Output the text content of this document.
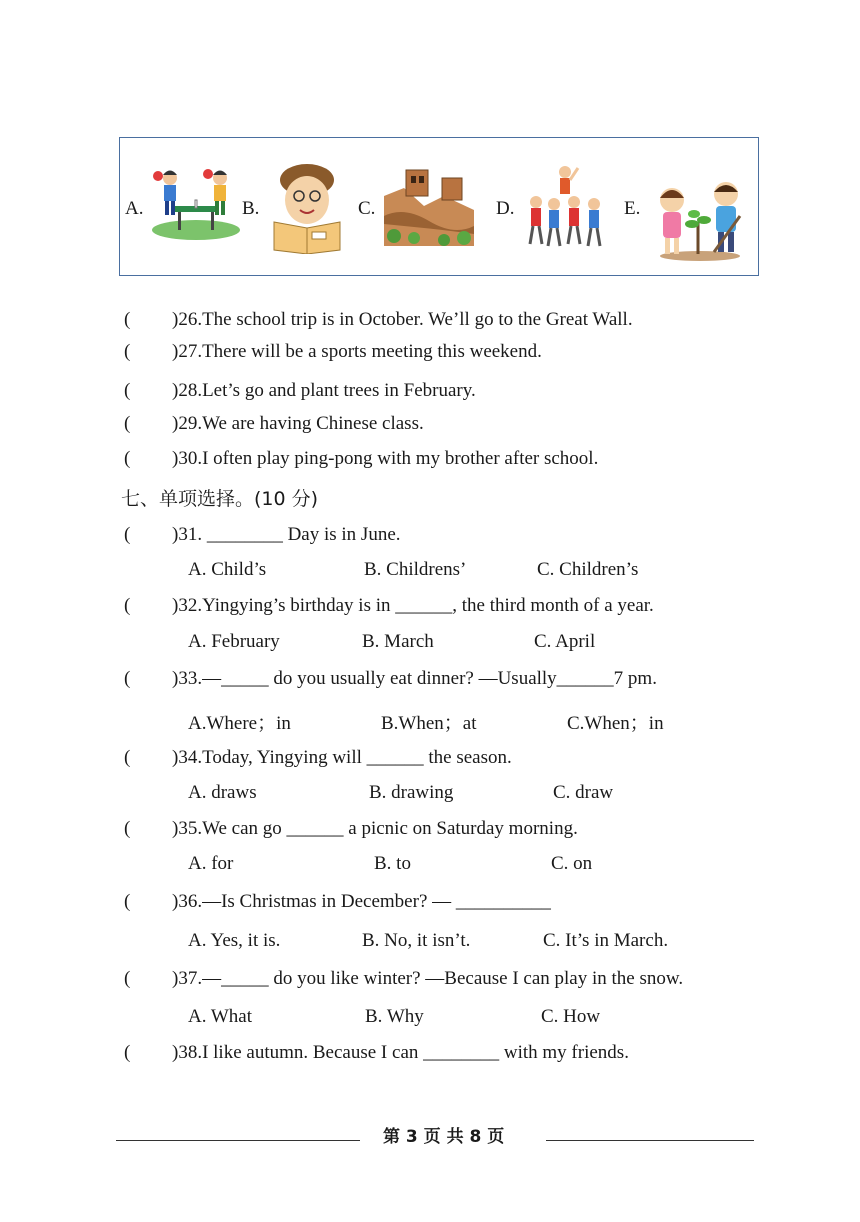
A.	B.	C.	D.	E.
( )26.The school trip is in October. We’ll go to the Great Wall.
( )27.There will be a sports meeting this weekend.
( )28.Let’s go and plant trees in February.
( )29.We are having Chinese class.
( )30.I often play ping-pong with my brother after school.
七、单项选择。(10 分)
( )31. ________ Day is in June.
A. Child’s	B. Childrens’	C. Children’s
( )32.Yingying’s birthday is in ______, the third month of a year.
A. February	B. March	C. April
( )33.—_____ do you usually eat dinner? —Usually______7 pm.
A.Where；in	B.When；at	C.When；in
( )34.Today, Yingying will ______ the season.
A. draws	B. drawing	C. draw
( )35.We can go ______ a picnic on Saturday morning.
A. for	B. to	C. on
( )36.—Is Christmas in December? — __________
A. Yes, it is.	B. No, it isn’t.	C. It’s in March.
( )37.—_____ do you like winter? —Because I can play in the snow.
A. What	B. Why	C. How
( )38.I like autumn. Because I can ________ with my friends.
第 3 页 共 8 页
